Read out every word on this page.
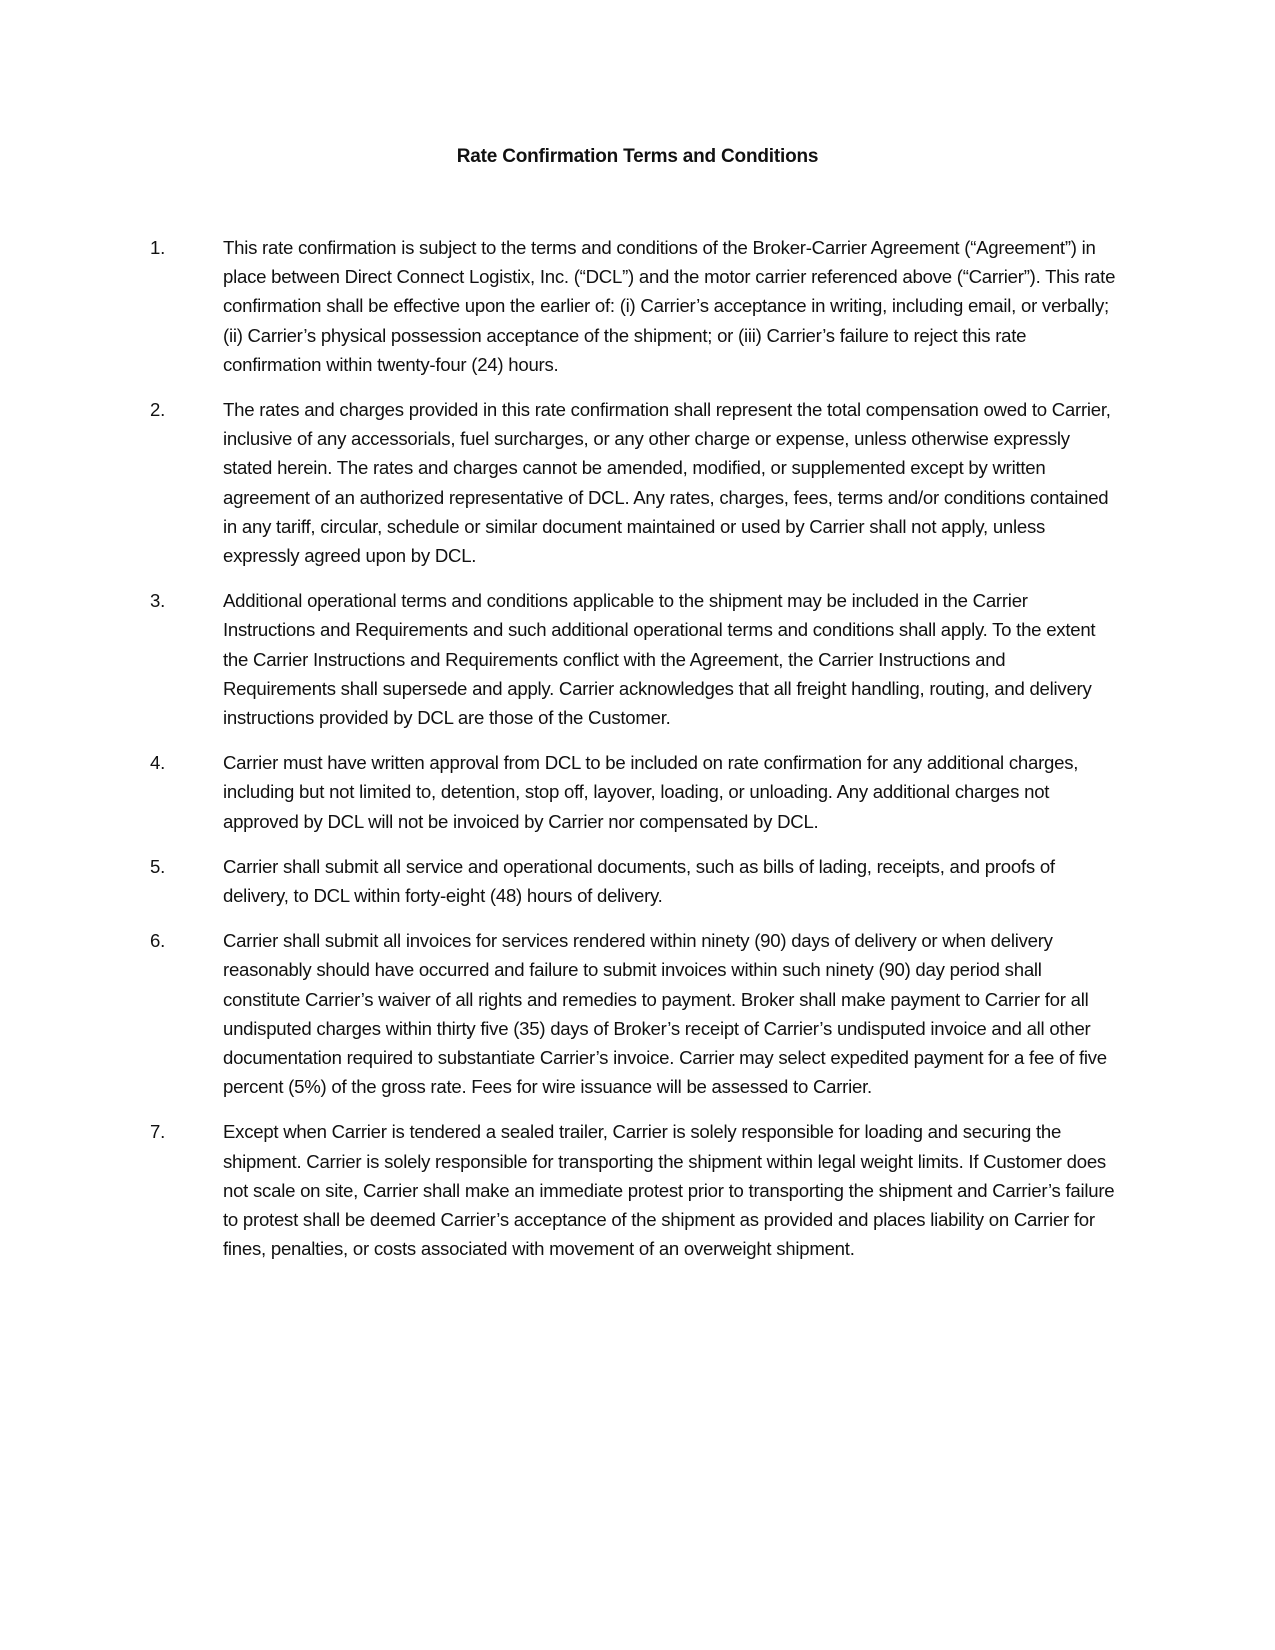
Rate Confirmation Terms and Conditions
1.	This rate confirmation is subject to the terms and conditions of the Broker-Carrier Agreement (“Agreement”) in place between Direct Connect Logistix, Inc. (“DCL”) and the motor carrier referenced above (“Carrier”). This rate confirmation shall be effective upon the earlier of: (i) Carrier’s acceptance in writing, including email, or verbally; (ii) Carrier’s physical possession acceptance of the shipment; or (iii) Carrier’s failure to reject this rate confirmation within twenty-four (24) hours.
2.	The rates and charges provided in this rate confirmation shall represent the total compensation owed to Carrier, inclusive of any accessorials, fuel surcharges, or any other charge or expense, unless otherwise expressly stated herein. The rates and charges cannot be amended, modified, or supplemented except by written agreement of an authorized representative of DCL. Any rates, charges, fees, terms and/or conditions contained in any tariff, circular, schedule or similar document maintained or used by Carrier shall not apply, unless expressly agreed upon by DCL.
3.	Additional operational terms and conditions applicable to the shipment may be included in the Carrier Instructions and Requirements and such additional operational terms and conditions shall apply. To the extent the Carrier Instructions and Requirements conflict with the Agreement, the Carrier Instructions and Requirements shall supersede and apply. Carrier acknowledges that all freight handling, routing, and delivery instructions provided by DCL are those of the Customer.
4.	Carrier must have written approval from DCL to be included on rate confirmation for any additional charges, including but not limited to, detention, stop off, layover, loading, or unloading. Any additional charges not approved by DCL will not be invoiced by Carrier nor compensated by DCL.
5.	Carrier shall submit all service and operational documents, such as bills of lading, receipts, and proofs of delivery, to DCL within forty-eight (48) hours of delivery.
6.	Carrier shall submit all invoices for services rendered within ninety (90) days of delivery or when delivery reasonably should have occurred and failure to submit invoices within such ninety (90) day period shall constitute Carrier’s waiver of all rights and remedies to payment. Broker shall make payment to Carrier for all undisputed charges within thirty five (35) days of Broker’s receipt of Carrier’s undisputed invoice and all other documentation required to substantiate Carrier’s invoice. Carrier may select expedited payment for a fee of five percent (5%) of the gross rate. Fees for wire issuance will be assessed to Carrier.
7.	Except when Carrier is tendered a sealed trailer, Carrier is solely responsible for loading and securing the shipment. Carrier is solely responsible for transporting the shipment within legal weight limits. If Customer does not scale on site, Carrier shall make an immediate protest prior to transporting the shipment and Carrier’s failure to protest shall be deemed Carrier’s acceptance of the shipment as provided and places liability on Carrier for fines, penalties, or costs associated with movement of an overweight shipment.
